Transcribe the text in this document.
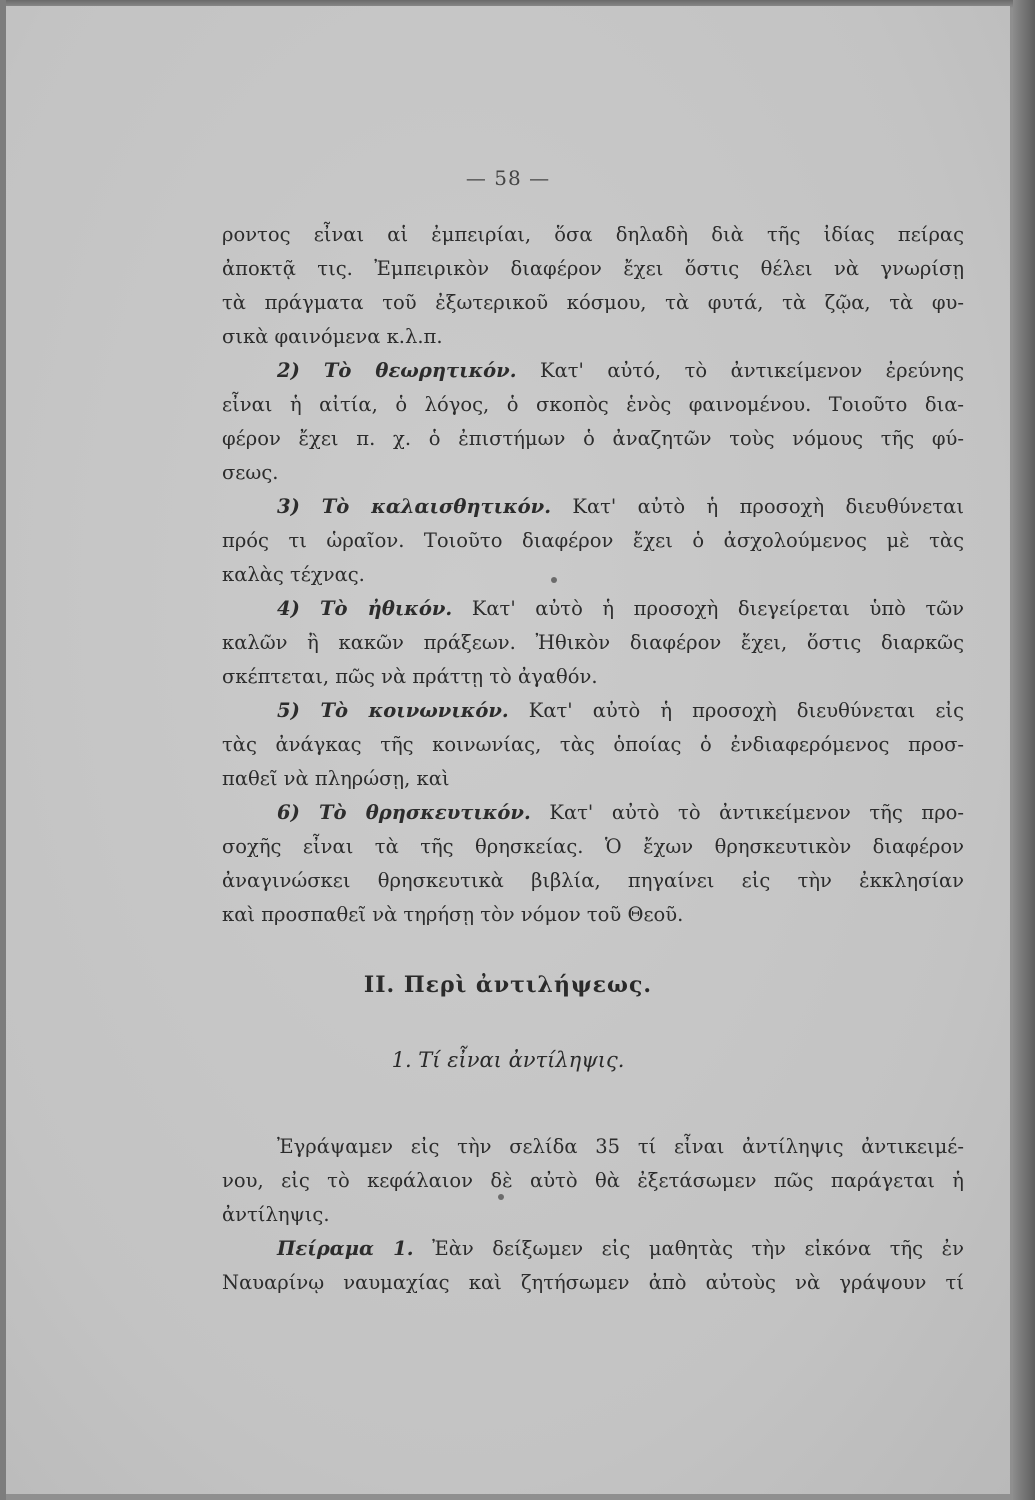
— 58 —
ροντος εἶναι αἱ ἐμπειρίαι, ὅσα δηλαδὴ διὰ τῆς ἰδίας πείρας
ἀποκτᾷ τις. Ἐμπειρικὸν διαφέρον ἔχει ὅστις θέλει νὰ γνωρίσῃ
τὰ πράγματα τοῦ ἐξωτερικοῦ κόσμου, τὰ φυτά, τὰ ζῷα, τὰ φυ-
σικὰ φαινόμενα κ.λ.π.
2) Τὸ θεωρητικόν. Κατ' αὐτό, τὸ ἀντικείμενον ἐρεύνης
εἶναι ἡ αἰτία, ὁ λόγος, ὁ σκοπὸς ἑνὸς φαινομένου. Τοιοῦτο δια-
φέρον ἔχει π. χ. ὁ ἐπιστήμων ὁ ἀναζητῶν τοὺς νόμους τῆς φύ-
σεως.
3) Τὸ καλαισθητικόν. Κατ' αὐτὸ ἡ προσοχὴ διευθύνεται
πρός τι ὡραῖον. Τοιοῦτο διαφέρον ἔχει ὁ ἀσχολούμενος μὲ τὰς
καλὰς τέχνας.
4) Τὸ ἠθικόν. Κατ' αὐτὸ ἡ προσοχὴ διεγείρεται ὑπὸ τῶν
καλῶν ἢ κακῶν πράξεων. Ἠθικὸν διαφέρον ἔχει, ὅστις διαρκῶς
σκέπτεται, πῶς νὰ πράττῃ τὸ ἀγαθόν.
5) Τὸ κοινωνικόν. Κατ' αὐτὸ ἡ προσοχὴ διευθύνεται εἰς
τὰς ἀνάγκας τῆς κοινωνίας, τὰς ὁποίας ὁ ἐνδιαφερόμενος προσ-
παθεῖ νὰ πληρώσῃ, καὶ
6) Τὸ θρησκευτικόν. Κατ' αὐτὸ τὸ ἀντικείμενον τῆς προ-
σοχῆς εἶναι τὰ τῆς θρησκείας. Ὁ ἔχων θρησκευτικὸν διαφέρον
ἀναγινώσκει θρησκευτικὰ βιβλία, πηγαίνει εἰς τὴν ἐκκλησίαν
καὶ προσπαθεῖ νὰ τηρήσῃ τὸν νόμον τοῦ Θεοῦ.
II. Περὶ ἀντιλήψεως.
1. Τί εἶναι ἀντίληψις.
Ἐγράψαμεν εἰς τὴν σελίδα 35 τί εἶναι ἀντίληψις ἀντικειμέ-
νου, εἰς τὸ κεφάλαιον δὲ αὐτὸ θὰ ἐξετάσωμεν πῶς παράγεται ἡ
ἀντίληψις.
Πείραμα 1. Ἐὰν δείξωμεν εἰς μαθητὰς τὴν εἰκόνα τῆς ἐν
Ναυαρίνῳ ναυμαχίας καὶ ζητήσωμεν ἀπὸ αὐτοὺς νὰ γράψουν τί
